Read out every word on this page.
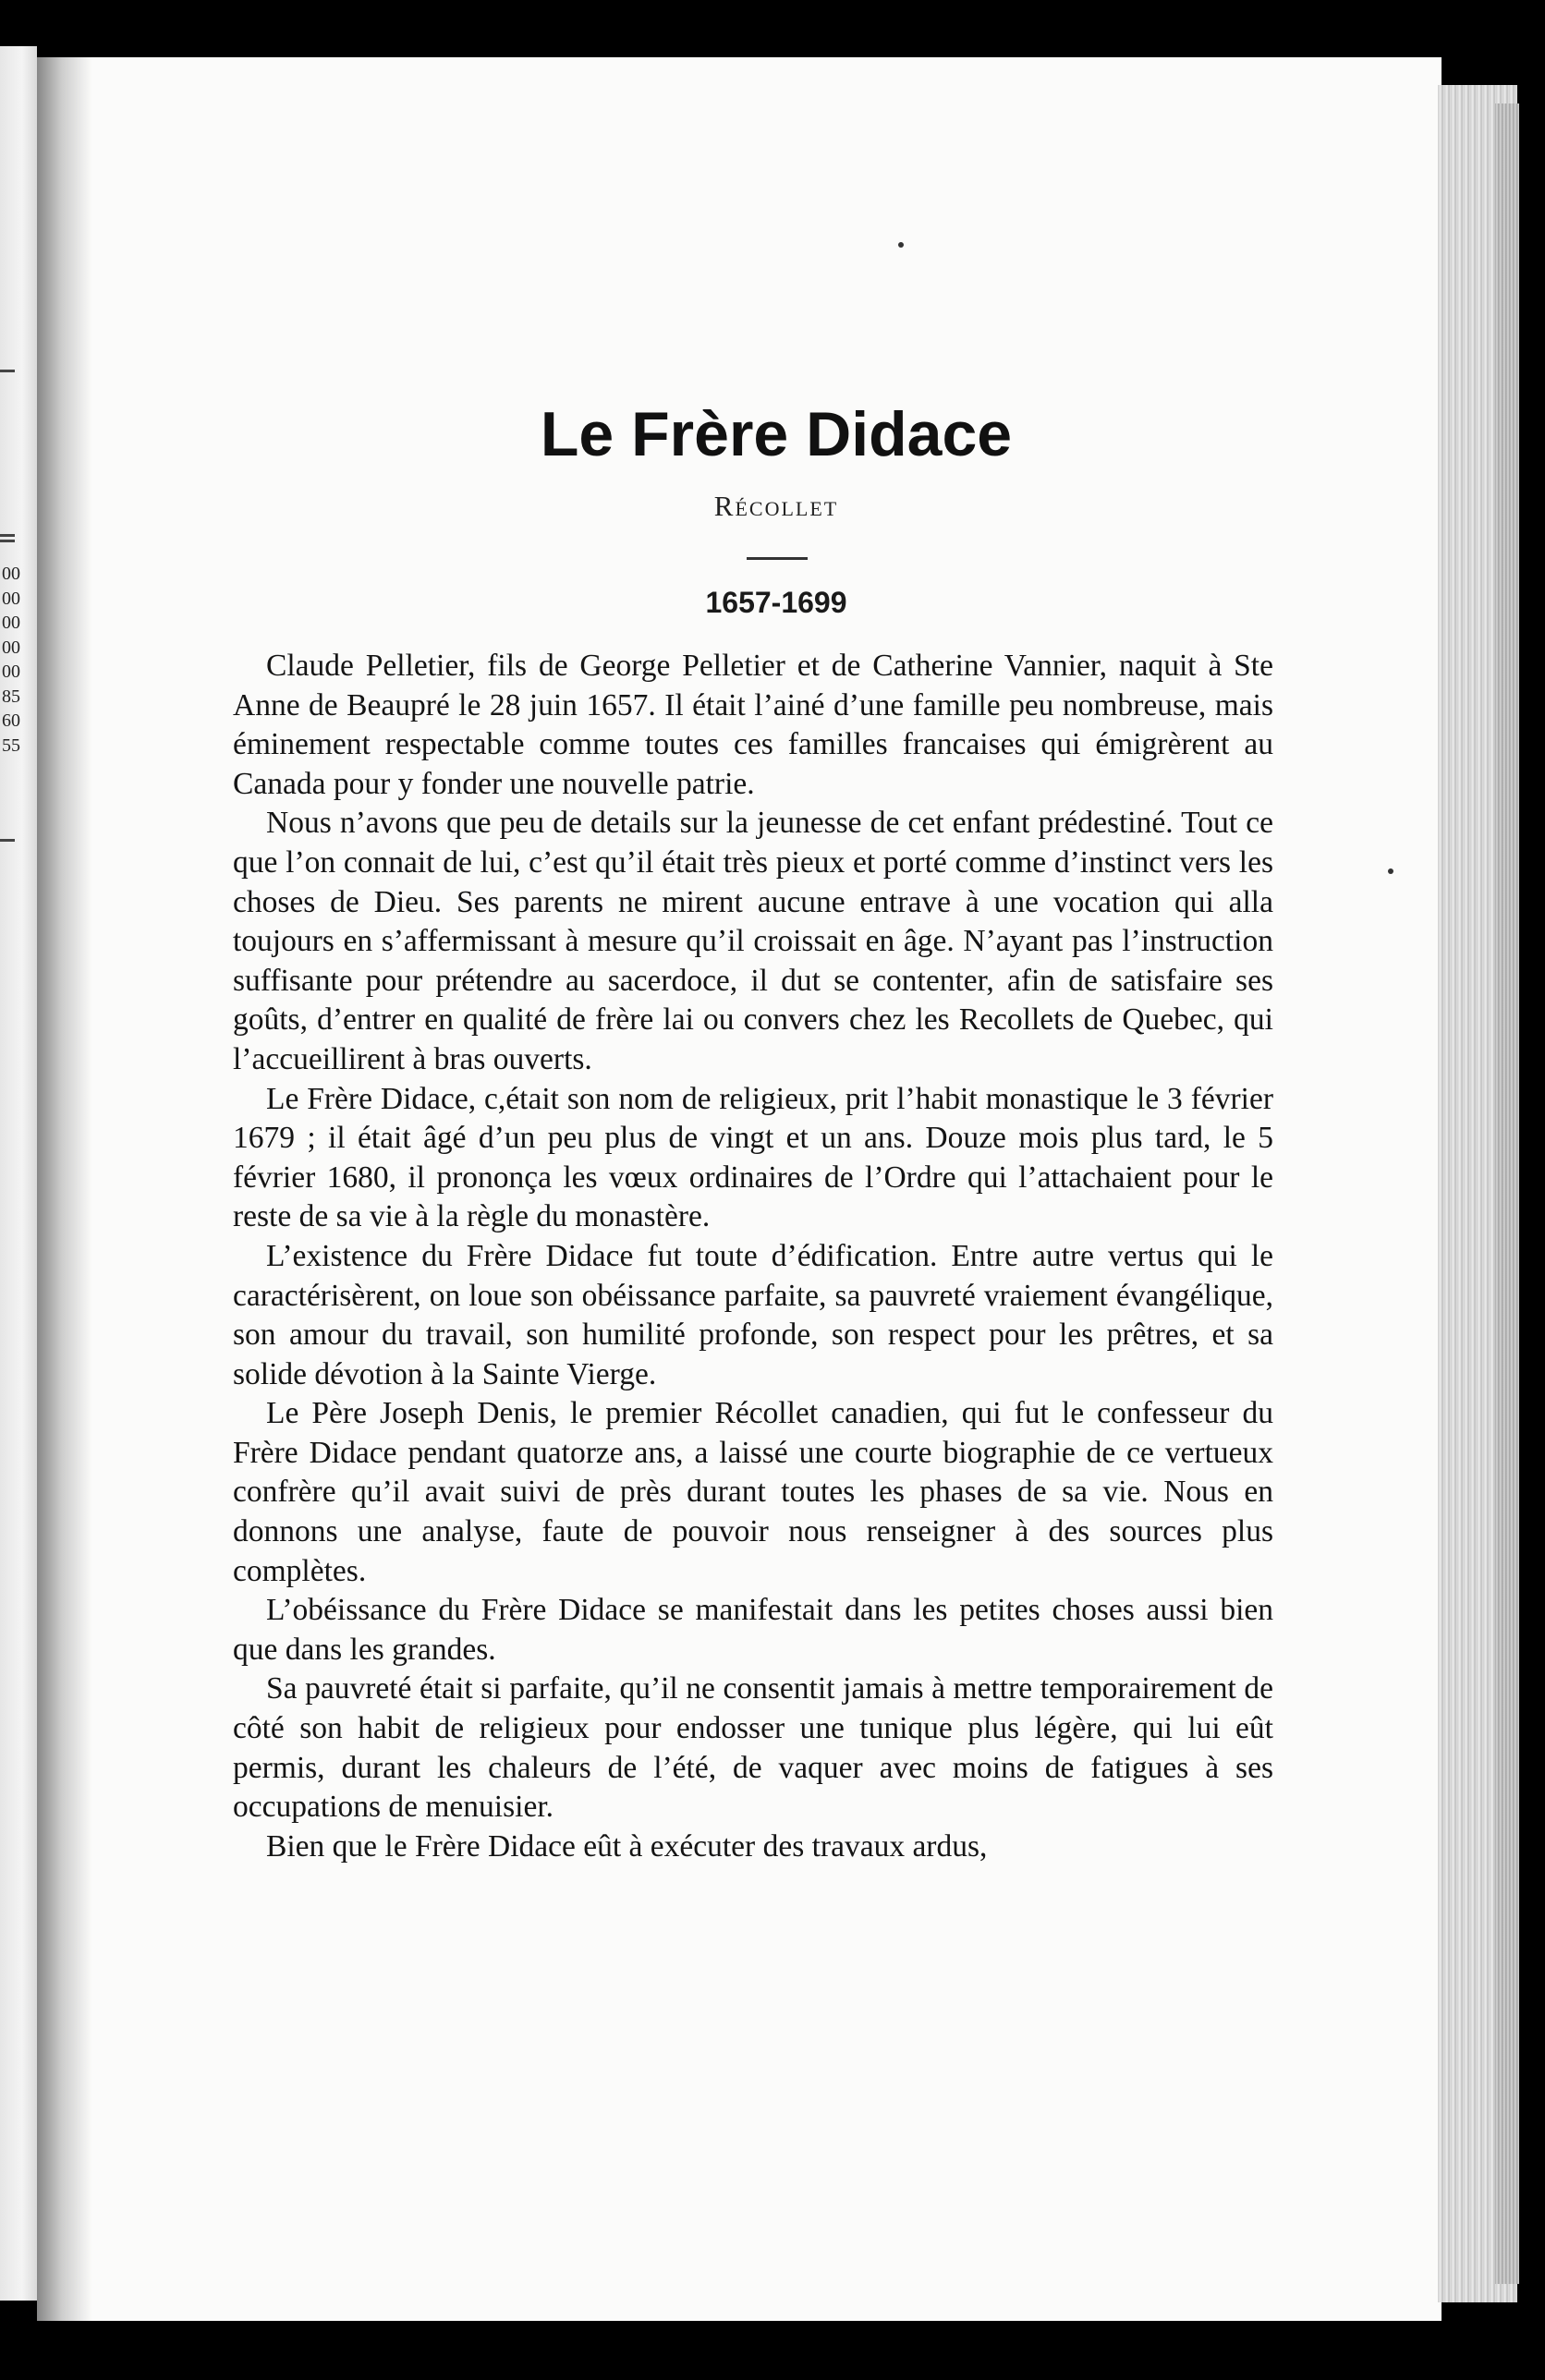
00
00
00
00
00
85
60
55
Le Frère Didace
Récollet
1657-1699

Claude Pelletier, fils de George Pelletier et de Catherine Vannier, naquit à Ste Anne de Beaupré le 28 juin 1657. Il était l’ainé d’une famille peu nombreuse, mais éminement respectable comme toutes ces familles francaises qui émigrèrent au Canada pour y fonder une nouvelle patrie.

Nous n’avons que peu de details sur la jeunesse de cet enfant prédestiné. Tout ce que l’on connait de lui, c’est qu’il était très pieux et porté comme d’instinct vers les choses de Dieu. Ses parents ne mirent aucune entrave à une vocation qui alla toujours en s’affermissant à mesure qu’il croissait en âge. N’ayant pas l’instruction suffisante pour prétendre au sacerdoce, il dut se contenter, afin de satisfaire ses goûts, d’entrer en qualité de frère lai ou convers chez les Recollets de Quebec, qui l’accueillirent à bras ouverts.

Le Frère Didace, c,était son nom de religieux, prit l’habit monastique le 3 février 1679 ; il était âgé d’un peu plus de vingt et un ans. Douze mois plus tard, le 5 février 1680, il prononça les vœux ordinaires de l’Ordre qui l’attachaient pour le reste de sa vie à la règle du monastère.

L’existence du Frère Didace fut toute d’édification. Entre autre vertus qui le caractérisèrent, on loue son obéissance parfaite, sa pauvreté vraiement évangélique, son amour du travail, son humilité profonde, son respect pour les prêtres, et sa solide dévotion à la Sainte Vierge.

Le Père Joseph Denis, le premier Récollet canadien, qui fut le confesseur du Frère Didace pendant quatorze ans, a laissé une courte biographie de ce vertueux confrère qu’il avait suivi de près durant toutes les phases de sa vie. Nous en donnons une analyse, faute de pouvoir nous renseigner à des sources plus complètes.

L’obéissance du Frère Didace se manifestait dans les petites choses aussi bien que dans les grandes.

Sa pauvreté était si parfaite, qu’il ne consentit jamais à mettre temporairement de côté son habit de religieux pour endosser une tunique plus légère, qui lui eût permis, durant les chaleurs de l’été, de vaquer avec moins de fatigues à ses occupations de menuisier.

Bien que le Frère Didace eût à exécuter des travaux ardus,
